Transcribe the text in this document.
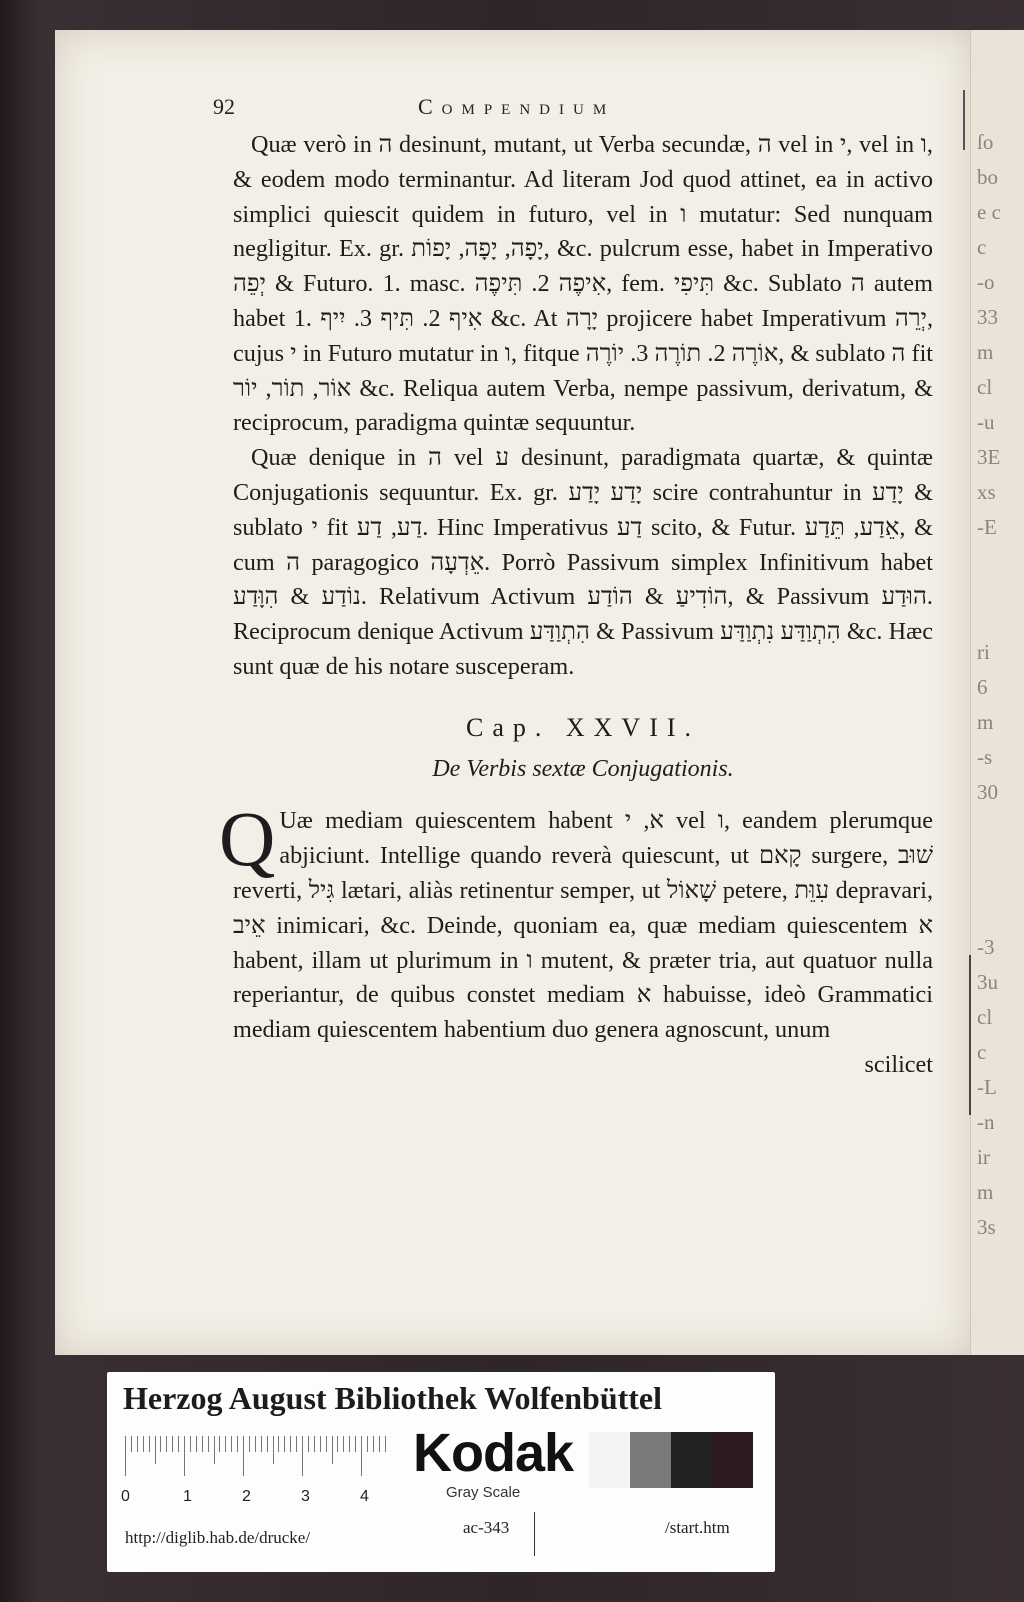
ſo
bo
e c
c
-o
33
m
cl
-u
3E
xs
-E
ri
6
m
-s
30
-3
3u
cl
c
-L
-n
ir
m
3s
92	Compendium

Quæ verò in ה desinunt, mutant, ut Verba secundæ, ה vel in י, vel in ו, & eodem modo terminantur. Ad literam Jod quod attinet, ea in activo simplici quiescit quidem in futuro, vel in ו mutatur: Sed nunquam negligitur. Ex. gr. יָפָה, יָפָה, יָפוֹת, &c. pulcrum esse, habet in Imperativo יְפֵה & Futuro. 1. masc. אִיפֶה 2. תִּיפֶה, fem. תִּיפִי &c. Sublato ה autem habet 1. אִיף 2. תִּיף 3. יִיף &c. At יָרָה projicere habet Imperativum יְרֵה, cujus י in Futuro mutatur in ו, fitque אוֹרֶה 2. תוֹרֶה 3. יוֹרֶה, & sublato ה fit אוֹר, תוֹר, יוֹר &c. Reliqua autem Verba, nempe passivum, derivatum, & reciprocum, paradigma quintæ sequuntur.

Quæ denique in ה vel ע desinunt, paradigmata quartæ, & quintæ Conjugationis sequuntur. Ex. gr. יָדַע יָדַע scire contrahuntur in יָדַע & sublato י fit דַע, דַע. Hinc Imperativus דַע scito, & Futur. אֵדַע, תֵּדַע, & cum ה paragogico אֵדְעָה. Porrò Passivum simplex Infinitivum habet נוֹדַע & הִוָּדַע. Relativum Activum הוֹדִיעַ & הוֹדַע, & Passivum הוּדַע. Reciprocum denique Activum הִתְוַדַּע & Passivum הִתְוַדַּע נִתְוַדַּע &c. Hæc sunt quæ de his notare susceperam.

Cap. XXVII.
De Verbis sextæ Conjugationis.

Q Uæ mediam quiescentem habent א, י vel ו, eandem plerumque abjiciunt. Intellige quando reverà quiescunt, ut קָאם surgere, שׁוּב reverti, גִּיל lætari, aliàs retinentur semper, ut שָׁאוֹל petere, עִוֵּת depravari, אֵיב inimicari, &c. Deinde, quoniam ea, quæ mediam quiescentem א habent, illam ut plurimum in ו mutent, & præter tria, aut quatuor nulla reperiantur, de quibus constet mediam א habuisse, ideò Grammatici mediam quiescentem habentium duo genera agnoscunt, unum

scilicet

Herzog August Bibliothek Wolfenbüttel
0	1	2	3	4
Kodak
Gray Scale
http://diglib.hab.de/drucke/
ac-343	/start.htm
